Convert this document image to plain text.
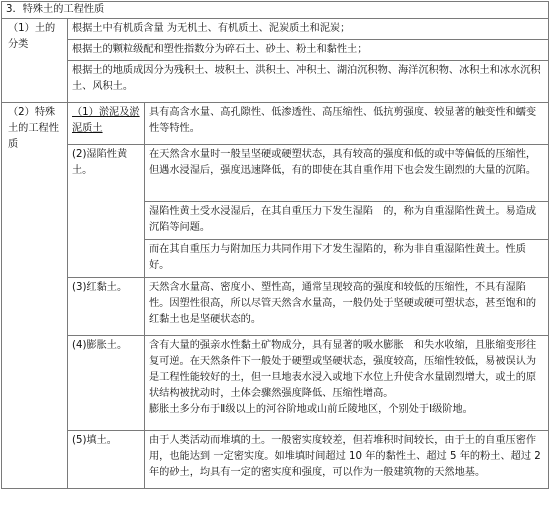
3．特殊土的工程性质		
（1）土的分类	根据土中有机质含量 为无机土、有机质土、泥炭质土和泥炭；	
	根据土的颗粒级配和塑性指数分为碎石土、砂土、粉土和黏性土；	
	根据土的地质成因分为残积土、坡积土、洪积土、冲积土、湖泊沉积物、海洋沉积物、冰积土和冰水沉积土、风积土。	
（2）特殊土的工程性质	（1）淤泥及淤泥质土	具有高含水量、高孔隙性、低渗透性、高压缩性、低抗剪强度、较显著的触变性和蠕变性等特性。
	(2)湿陷性黄土。	在天然含水量时一般呈坚硬或硬塑状态，具有较高的强度和低的或中等偏低的压缩性，但遇水浸湿后，强度迅速降低，有的即使在其自重作用下也会发生剧烈的大量的沉陷。
		湿陷性黄土受水浸湿后，在其自重压力下发生湿陷　的，称为自重湿陷性黄土。易造成沉陷等问题。
		而在其自重压力与附加压力共同作用下才发生湿陷的，称为非自重湿陷性黄土。性质好。
	(3)红黏土。	天然含水量高、密度小、塑性高，通常呈现较高的强度和较低的压缩性，不具有湿陷性。因塑性很高，所以尽管天然含水量高，一般仍处于坚硬或硬可塑状态，甚至饱和的红黏土也是坚硬状态的。
	(4)膨胀土。	含有大量的强亲水性黏土矿物成分，具有显著的吸水膨胀　和失水收缩，且胀缩变形往复可逆。在天然条件下一般处于硬塑或坚硬状态，强度较高，压缩性较低，易被误认为是工程性能较好的土，但一旦地表水浸入或地下水位上升使含水量剧烈增大，或土的原状结构被扰动时，土体会骤然强度降低、压缩性增高。
膨胀土多分布于Ⅱ级以上的河谷阶地或山前丘陵地区，个别处于Ⅰ级阶地。

	(5)填土。	由于人类活动而堆填的土。一般密实度较差，但若堆积时间较长，由于土的自重压密作用，也能达到 一定密实度。如堆填时间超过 10 年的黏性土、超过 5 年的粉土、超过 2 年的砂土，均具有一定的密实度和强度，可以作为一般建筑物的天然地基。
